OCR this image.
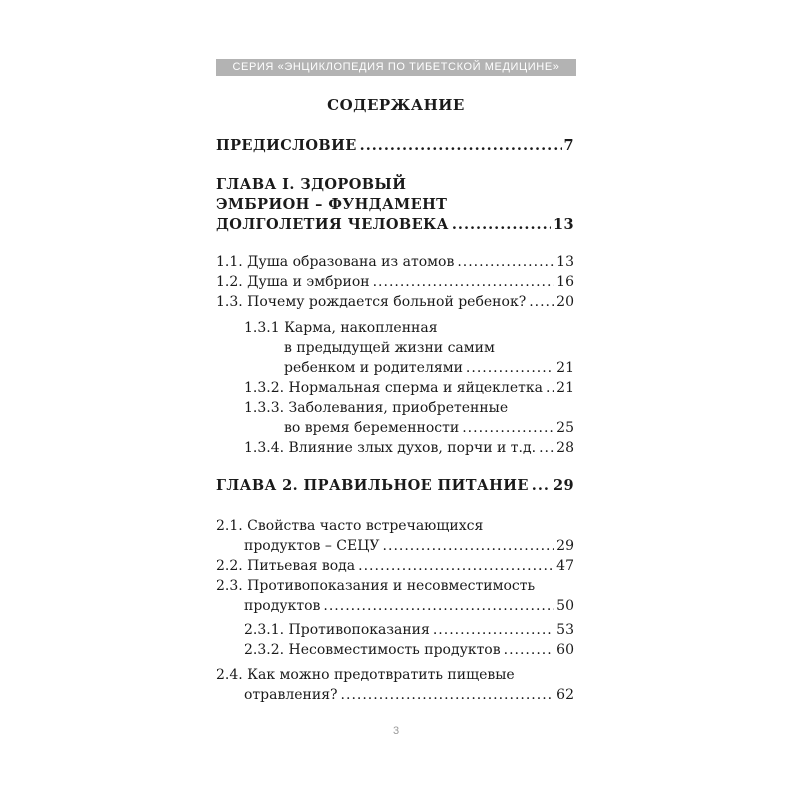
СЕРИЯ «ЭНЦИКЛОПЕДИЯ ПО ТИБЕТСКОЙ МЕДИЦИНЕ»
СОДЕРЖАНИЕ
ПРЕДИСЛОВИЕ .....	7
ГЛАВА I. ЗДОРОВЫЙ
ЭМБРИОН – ФУНДАМЕНТ
ДОЛГОЛЕТИЯ ЧЕЛОВЕКА .....	13
1.1. Душа образована из атомов .....	13
1.2. Душа и эмбрион .....	16
1.3. Почему рождается больной ребенок? ..... 20
1.3.1 Карма, накопленная
в предыдущей жизни самим
ребенком и родителями .....	21
1.3.2. Нормальная сперма и яйцеклетка ..... 21
1.3.3. Заболевания, приобретенные
во время беременности .....	25
1.3.4. Влияние злых духов, порчи и т.д. ..... 28
ГЛАВА 2. ПРАВИЛЬНОЕ ПИТАНИЕ ..... 29
2.1. Свойства часто встречающихся
продуктов – СЕЦУ .....	29
2.2. Питьевая вода .....	47
2.3. Противопоказания и несовместимость
продуктов .....	50
2.3.1. Противопоказания .....	53
2.3.2. Несовместимость продуктов .....	60
2.4. Как можно предотвратить пищевые
отравления? .....	62
3
